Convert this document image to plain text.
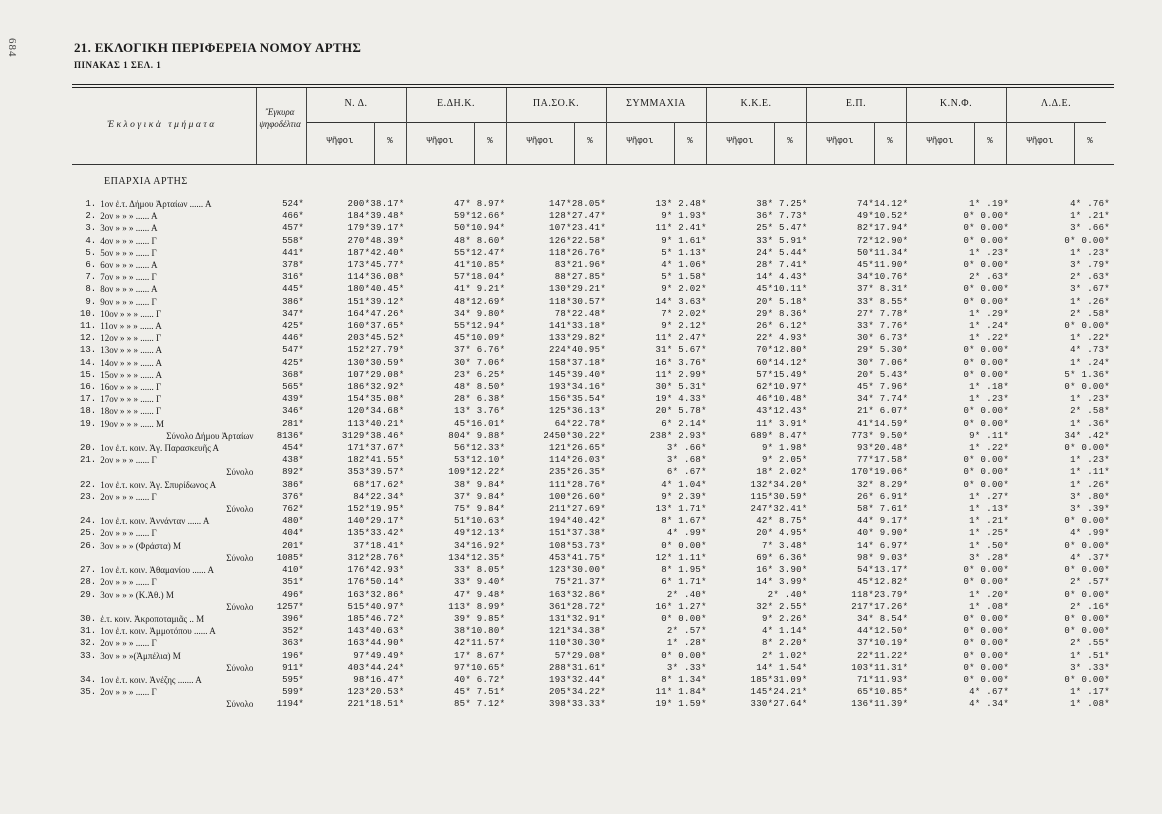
684	21. ΕΚΛΟΓΙΚΗ ΠΕΡΙΦΕΡΕΙΑ ΝΟΜΟΥ ΑΡΤΗΣ
ΠΙΝΑΚΑΣ 1 ΣΕΛ. 1
Ἐκλογικὰ τμήματα
Ἔγκυρα ψηφοδέλτια
Ν. Δ.
Ψῆφοι	%
Ε.ΔΗ.Κ.
Ψῆφοι	%
ΠΑ.ΣΟ.Κ.
Ψῆφοι	%
ΣΥΜΜΑΧΙΑ
Ψῆφοι	%
Κ.Κ.Ε.
Ψῆφοι	%
Ε.Π.
Ψῆφοι	%
Κ.Ν.Φ.
Ψῆφοι	%
Λ.Δ.Ε.
Ψῆφοι	%
ΕΠΑΡΧΙΑ ΑΡΤΗΣ
1.	1ον ἐ.τ. Δήμου Ἀρταίων ...... Α	524*	200*38.17*	47* 8.97*	147*28.05*	13* 2.48*	38* 7.25*	74*14.12*	1* .19*	4* .76*
2.	2ον » » » ...... Α	466*	184*39.48*	59*12.66*	128*27.47*	9* 1.93*	36* 7.73*	49*10.52*	0* 0.00*	1* .21*
3.	3ον » » » ...... Α	457*	179*39.17*	50*10.94*	107*23.41*	11* 2.41*	25* 5.47*	82*17.94*	0* 0.00*	3* .66*
4.	4ον » » » ...... Γ	558*	270*48.39*	48* 8.60*	126*22.58*	9* 1.61*	33* 5.91*	72*12.90*	0* 0.00*	0* 0.00*
5.	5ον » » » ...... Γ	441*	187*42.40*	55*12.47*	118*26.76*	5* 1.13*	24* 5.44*	50*11.34*	1* .23*	1* .23*
6.	6ον » » » ...... Α	378*	173*45.77*	41*10.85*	83*21.96*	4* 1.06*	28* 7.41*	45*11.90*	0* 0.00*	3* .79*
7.	7ον » » » ...... Γ	316*	114*36.08*	57*18.04*	88*27.85*	5* 1.58*	14* 4.43*	34*10.76*	2* .63*	2* .63*
8.	8ον » » » ...... Α	445*	180*40.45*	41* 9.21*	130*29.21*	9* 2.02*	45*10.11*	37* 8.31*	0* 0.00*	3* .67*
9.	9ον » » » ...... Γ	386*	151*39.12*	48*12.69*	118*30.57*	14* 3.63*	20* 5.18*	33* 8.55*	0* 0.00*	1* .26*
10.	10ον » » » ...... Γ	347*	164*47.26*	34* 9.80*	78*22.48*	7* 2.02*	29* 8.36*	27* 7.78*	1* .29*	2* .58*
11.	11ον » » » ...... Α	425*	160*37.65*	55*12.94*	141*33.18*	9* 2.12*	26* 6.12*	33* 7.76*	1* .24*	0* 0.00*
12.	12ον » » » ...... Γ	446*	203*45.52*	45*10.09*	133*29.82*	11* 2.47*	22* 4.93*	30* 6.73*	1* .22*	1* .22*
13.	13ον » » » ...... Α	547*	152*27.79*	37* 6.76*	224*40.95*	31* 5.67*	70*12.80*	29* 5.30*	0* 0.00*	4* .73*
14.	14ον » » » ...... Α	425*	130*30.59*	30* 7.06*	158*37.18*	16* 3.76*	60*14.12*	30* 7.06*	0* 0.00*	1* .24*
15.	15ον » » » ...... Α	368*	107*29.08*	23* 6.25*	145*39.40*	11* 2.99*	57*15.49*	20* 5.43*	0* 0.00*	5* 1.36*
16.	16ον » » » ...... Γ	565*	186*32.92*	48* 8.50*	193*34.16*	30* 5.31*	62*10.97*	45* 7.96*	1* .18*	0* 0.00*
17.	17ον » » » ...... Γ	439*	154*35.08*	28* 6.38*	156*35.54*	19* 4.33*	46*10.48*	34* 7.74*	1* .23*	1* .23*
18.	18ον » » » ...... Γ	346*	120*34.68*	13* 3.76*	125*36.13*	20* 5.78*	43*12.43*	21* 6.07*	0* 0.00*	2* .58*
19.	19ον » » » ...... Μ	281*	113*40.21*	45*16.01*	64*22.78*	6* 2.14*	11* 3.91*	41*14.59*	0* 0.00*	1* .36*
	Σύνολο Δήμου Ἀρταίων	8136*	3129*38.46*	804* 9.88*	2450*30.22*	238* 2.93*	689* 8.47*	773* 9.50*	9* .11*	34* .42*
20.	1ον ἐ.τ. κοιν. Ἁγ. Παρασκευῆς Α	454*	171*37.67*	56*12.33*	121*26.65*	3* .66*	9* 1.98*	93*20.48*	1* .22*	0* 0.00*
21.	2ον » » » ...... Γ	438*	182*41.55*	53*12.10*	114*26.03*	3* .68*	9* 2.05*	77*17.58*	0* 0.00*	1* .23*
	Σύνολο	892*	353*39.57*	109*12.22*	235*26.35*	6* .67*	18* 2.02*	170*19.06*	0* 0.00*	1* .11*
22.	1ον ἐ.τ. κοιν. Ἁγ. Σπυρίδωνος Α	386*	68*17.62*	38* 9.84*	111*28.76*	4* 1.04*	132*34.20*	32* 8.29*	0* 0.00*	1* .26*
23.	2ον » » » ...... Γ	376*	84*22.34*	37* 9.84*	100*26.60*	9* 2.39*	115*30.59*	26* 6.91*	1* .27*	3* .80*
	Σύνολο	762*	152*19.95*	75* 9.84*	211*27.69*	13* 1.71*	247*32.41*	58* 7.61*	1* .13*	3* .39*
24.	1ον ἐ.τ. κοιν. Ἀννάνταν ...... Α	480*	140*29.17*	51*10.63*	194*40.42*	8* 1.67*	42* 8.75*	44* 9.17*	1* .21*	0* 0.00*
25.	2ον » » » ...... Γ	404*	135*33.42*	49*12.13*	151*37.38*	4* .99*	20* 4.95*	40* 9.90*	1* .25*	4* .99*
26.	3ον » » » (Φράστα) Μ	201*	37*18.41*	34*16.92*	108*53.73*	0* 0.00*	7* 3.48*	14* 6.97*	1* .50*	0* 0.00*
	Σύνολο	1085*	312*28.76*	134*12.35*	453*41.75*	12* 1.11*	69* 6.36*	98* 9.03*	3* .28*	4* .37*
27.	1ον ἐ.τ. κοιν. Ἀθαμανίου ...... Α	410*	176*42.93*	33* 8.05*	123*30.00*	8* 1.95*	16* 3.90*	54*13.17*	0* 0.00*	0* 0.00*
28.	2ον » » » ...... Γ	351*	176*50.14*	33* 9.40*	75*21.37*	6* 1.71*	14* 3.99*	45*12.82*	0* 0.00*	2* .57*
29.	3ον » » » (Κ.Ἀθ.) Μ	496*	163*32.86*	47* 9.48*	163*32.86*	2* .40*	2* .40*	118*23.79*	1* .20*	0* 0.00*
	Σύνολο	1257*	515*40.97*	113* 8.99*	361*28.72*	16* 1.27*	32* 2.55*	217*17.26*	1* .08*	2* .16*
30.	ἐ.τ. κοιν. Ἀκροποταμιᾶς .. Μ	396*	185*46.72*	39* 9.85*	131*32.91*	0* 0.00*	9* 2.26*	34* 8.54*	0* 0.00*	0* 0.00*
31.	1ον ἐ.τ. κοιν. Ἀμμοτόπου ...... Α	352*	143*40.63*	38*10.80*	121*34.38*	2* .57*	4* 1.14*	44*12.50*	0* 0.00*	0* 0.00*
32.	2ον » » » ...... Γ	363*	163*44.90*	42*11.57*	110*30.30*	1* .28*	8* 2.20*	37*10.19*	0* 0.00*	2* .55*
33.	3ον » » »(Ἀμπέλια) Μ	196*	97*49.49*	17* 8.67*	57*29.08*	0* 0.00*	2* 1.02*	22*11.22*	0* 0.00*	1* .51*
	Σύνολο	911*	403*44.24*	97*10.65*	288*31.61*	3* .33*	14* 1.54*	103*11.31*	0* 0.00*	3* .33*
34.	1ον ἐ.τ. κοιν. Ἀνέζης ....... Α	595*	98*16.47*	40* 6.72*	193*32.44*	8* 1.34*	185*31.09*	71*11.93*	0* 0.00*	0* 0.00*
35.	2ον » » » ...... Γ	599*	123*20.53*	45* 7.51*	205*34.22*	11* 1.84*	145*24.21*	65*10.85*	4* .67*	1* .17*
	Σύνολο	1194*	221*18.51*	85* 7.12*	398*33.33*	19* 1.59*	330*27.64*	136*11.39*	4* .34*	1* .08*
